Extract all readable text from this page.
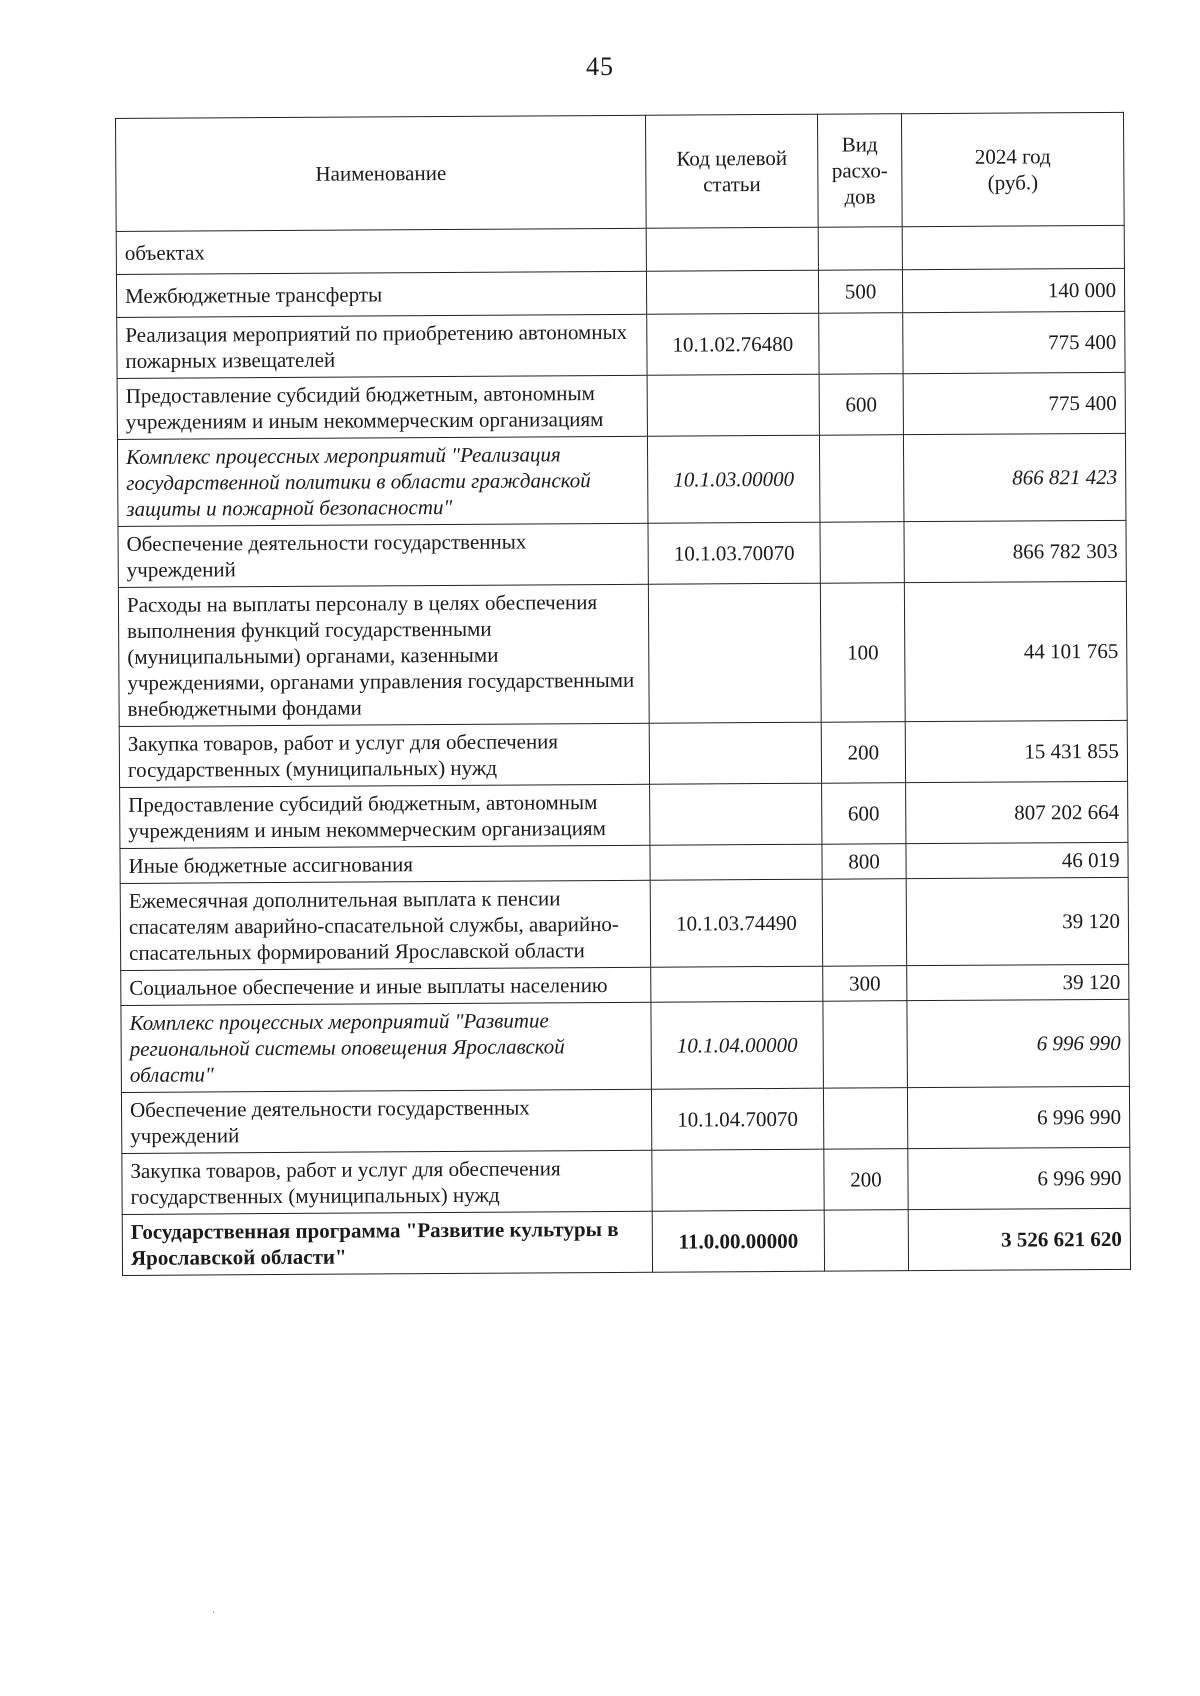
45
Наименование	Код целевой статьи	Вид расхо-дов	2024 год (руб.)
объектах			
Межбюджетные трансферты		500	140 000
Реализация мероприятий по приобретению автономных пожарных извещателей	10.1.02.76480		775 400
Предоставление субсидий бюджетным, автономным учреждениям и иным некоммерческим организациям		600	775 400
Комплекс процессных мероприятий "Реализация государственной политики в области гражданской защиты и пожарной безопасности"	10.1.03.00000		866 821 423
Обеспечение деятельности государственных учреждений	10.1.03.70070		866 782 303
Расходы на выплаты персоналу в целях обеспечения выполнения функций государственными (муниципальными) органами, казенными учреждениями, органами управления государственными внебюджетными фондами		100	44 101 765
Закупка товаров, работ и услуг для обеспечения государственных (муниципальных) нужд		200	15 431 855
Предоставление субсидий бюджетным, автономным учреждениям и иным некоммерческим организациям		600	807 202 664
Иные бюджетные ассигнования		800	46 019
Ежемесячная дополнительная выплата к пенсии спасателям аварийно-спасательной службы, аварийно-спасательных формирований Ярославской области	10.1.03.74490		39 120
Социальное обеспечение и иные выплаты населению		300	39 120
Комплекс процессных мероприятий "Развитие региональной системы оповещения Ярославской области"	10.1.04.00000		6 996 990
Обеспечение деятельности государственных учреждений	10.1.04.70070		6 996 990
Закупка товаров, работ и услуг для обеспечения государственных (муниципальных) нужд		200	6 996 990
Государственная программа "Развитие культуры в Ярославской области"	11.0.00.00000		3 526 621 620
·
